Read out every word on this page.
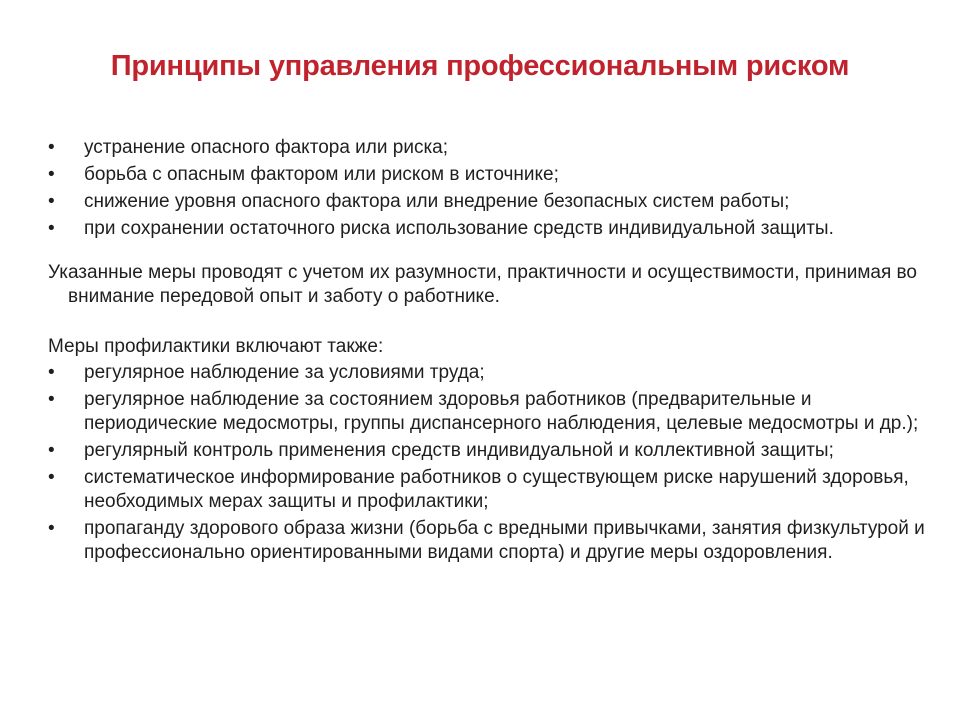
Принципы управления профессиональным риском
• устранение опасного фактора или риска;
• борьба с опасным фактором или риском в источнике;
• снижение уровня опасного фактора или внедрение безопасных систем работы;
• при сохранении остаточного риска использование средств индивидуальной защиты.

Указанные меры проводят с учетом их разумности, практичности и осуществимости, принимая во внимание передовой опыт и заботу о работнике.

Меры профилактики включают также:

• регулярное наблюдение за условиями труда;
• регулярное наблюдение за состоянием здоровья работников (предварительные и периодические медосмотры, группы диспансерного наблюдения, целевые медосмотры и др.);
• регулярный контроль применения средств индивидуальной и коллективной защиты;
• систематическое информирование работников о существующем риске нарушений здоровья, необходимых мерах защиты и профилактики;
• пропаганду здорового образа жизни (борьба с вредными привычками, занятия физкультурой и профессионально ориентированными видами спорта) и другие меры оздоровления.
